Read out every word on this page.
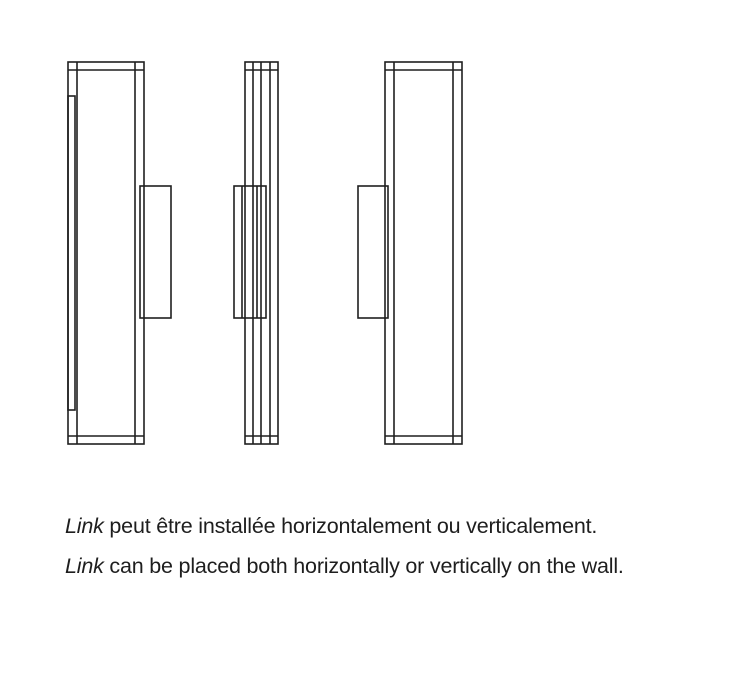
Link peut être installée horizontalement ou verticalement.
Link can be placed both horizontally or vertically on the wall.
